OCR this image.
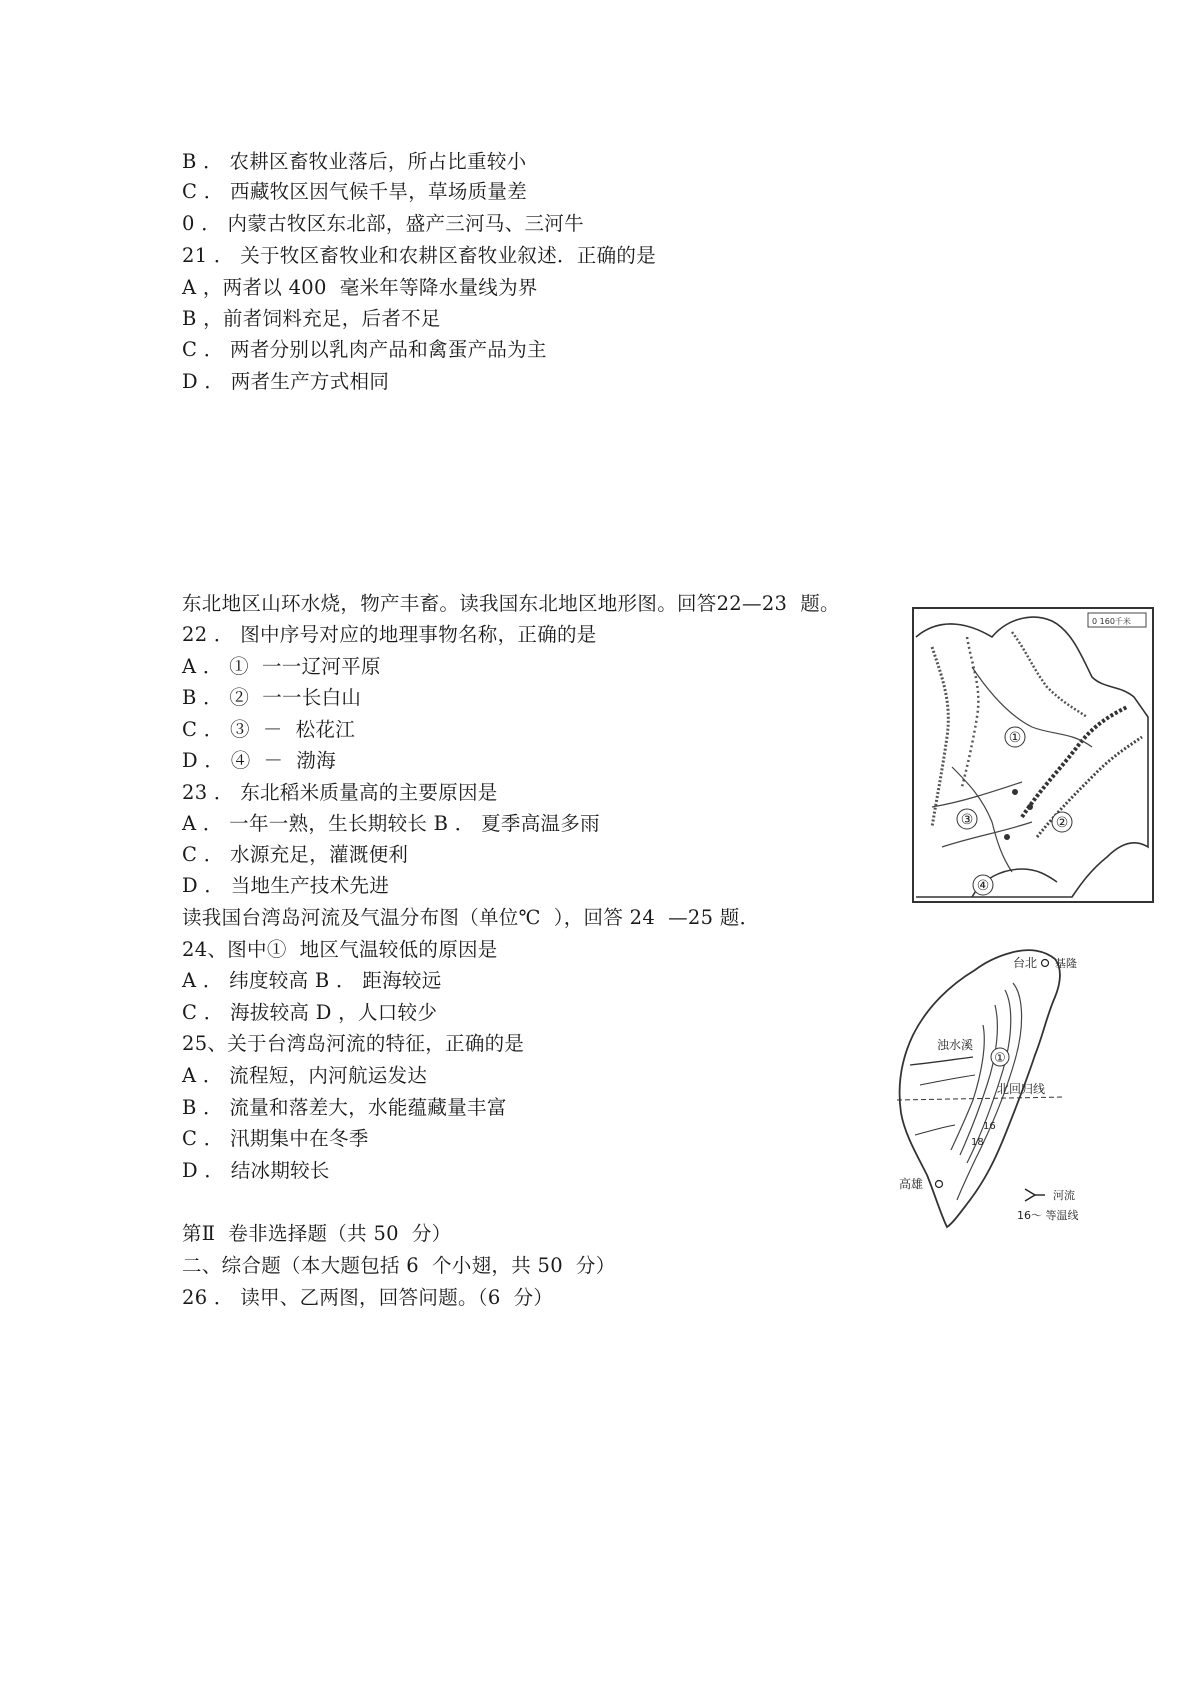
B ． 农耕区畜牧业落后，所占比重较小
C ． 西藏牧区因气候千旱，草场质量差
0 ． 内蒙古牧区东北部，盛产三河马、三河牛
21 ． 关于牧区畜牧业和农耕区畜牧业叙述．正确的是
A ，两者以 400  毫米年等降水量线为界
B ，前者饲料充足，后者不足
C ． 两者分别以乳肉产品和禽蛋产品为主
D ． 两者生产方式相同
东北地区山环水烧，物产丰畜。读我国东北地区地形图。回答22—23  题。
22 ． 图中序号对应的地理事物名称，正确的是
A ． ①  一一辽河平原
B ． ②  一一长白山
C ． ③  －  松花江
D ． ④  －  渤海
23 ． 东北稻米质量高的主要原因是
A ． 一年一熟，生长期较长 B ． 夏季高温多雨
C ． 水源充足，灌溉便利
D ． 当地生产技术先进
读我国台湾岛河流及气温分布图（单位℃  ），回答 24  —25 题．
24、图中①  地区气温较低的原因是
A ． 纬度较高 B ． 距海较远
C ． 海拔较高 D ，人口较少
25、关于台湾岛河流的特征，正确的是
A ． 流程短，内河航运发达
B ． 流量和落差大，水能蕴藏量丰富
C ． 汛期集中在冬季
D ． 结冰期较长
第Ⅱ  卷非选择题（共 50  分）
二、综合题（本大题包括 6  个小翅，共 50  分）
26 ． 读甲、乙两图，回答问题。（6  分）
0 160千米
①
②
③
④
北回归线
台北 基隆
浊水溪
①
16
18
高雄
河流
16～ 等温线
